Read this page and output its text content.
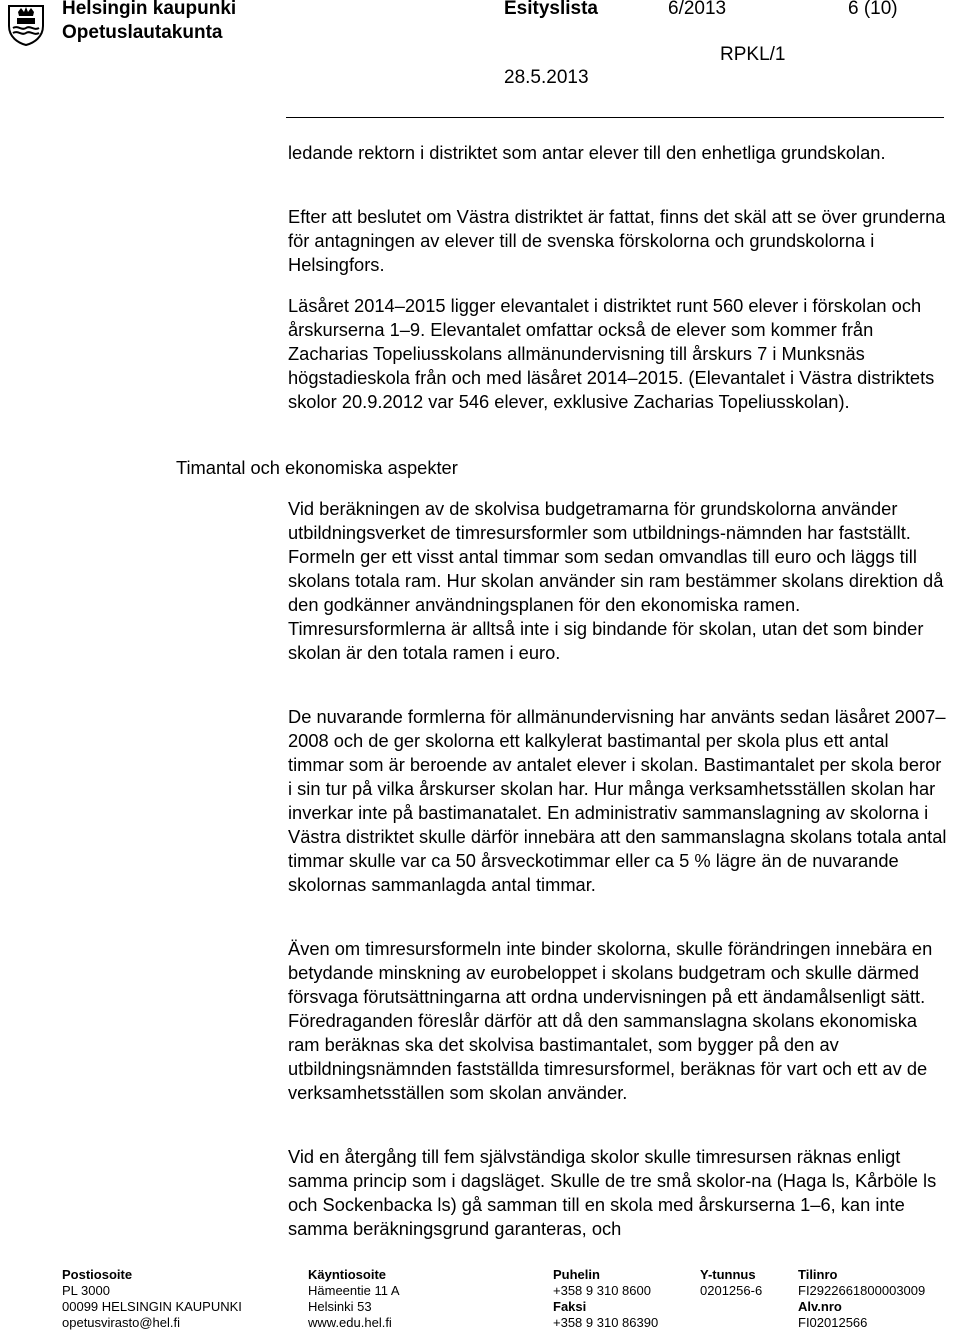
Helsingin kaupunki
Opetuslautakunta
Esityslista	6/2013	6 (10)
RPKL/1
28.5.2013

ledande rektorn i distriktet som antar elever till den enhetliga grundskolan.

Efter att beslutet om Västra distriktet är fattat, finns det skäl att se över grunderna för antagningen av elever till de svenska förskolorna och grundskolorna i Helsingfors.

Läsåret 2014–2015 ligger elevantalet i distriktet runt 560 elever i förskolan och årskurserna 1–9. Elevantalet omfattar också de elever som kommer från Zacharias Topeliusskolans allmänundervisning till årskurs 7 i Munksnäs högstadieskola från och med läsåret 2014–2015. (Elevantalet i Västra distriktets skolor 20.9.2012 var 546 elever, exklusive Zacharias Topeliusskolan).

Timantal och ekonomiska aspekter

Vid beräkningen av de skolvisa budgetramarna för grundskolorna använder utbildningsverket de timresursformler som utbildnings-nämnden har fastställt. Formeln ger ett visst antal timmar som sedan omvandlas till euro och läggs till skolans totala ram. Hur skolan använder sin ram bestämmer skolans direktion då den godkänner användningsplanen för den ekonomiska ramen. Timresursformlerna är alltså inte i sig bindande för skolan, utan det som binder skolan är den totala ramen i euro.

De nuvarande formlerna för allmänundervisning har använts sedan läsåret 2007–2008 och de ger skolorna ett kalkylerat bastimantal per skola plus ett antal timmar som är beroende av antalet elever i skolan. Bastimantalet per skola beror i sin tur på vilka årskurser skolan har. Hur många verksamhetsställen skolan har inverkar inte på bastimanatalet. En administrativ sammanslagning av skolorna i Västra distriktet skulle därför innebära att den sammanslagna skolans totala antal timmar skulle var ca 50 årsveckotimmar eller ca 5 % lägre än de nuvarande skolornas sammanlagda antal timmar.

Även om timresursformeln inte binder skolorna, skulle förändringen innebära en betydande minskning av eurobeloppet i skolans budgetram och skulle därmed försvaga förutsättningarna att ordna undervisningen på ett ändamålsenligt sätt. Föredraganden föreslår därför att då den sammanslagna skolans ekonomiska ram beräknas ska det skolvisa bastimantalet, som bygger på den av utbildningsnämnden fastställda timresursformel, beräknas för vart och ett av de verksamhetsställen som skolan använder.

Vid en återgång till fem självständiga skolor skulle timresursen räknas enligt samma princip som i dagsläget. Skulle de tre små skolor-na (Haga ls, Kårböle ls och Sockenbacka ls) gå samman till en skola med årskurserna 1–6, kan inte samma beräkningsgrund garanteras, och

Postiosoite
PL 3000
00099 HELSINGIN KAUPUNKI
opetusvirasto@hel.fi
Käyntiosoite
Hämeentie 11 A
Helsinki 53
www.edu.hel.fi
Puhelin
+358 9 310 8600
Faksi
+358 9 310 86390
Y-tunnus
0201256-6
Tilinro
FI2922661800003009
Alv.nro
FI02012566
